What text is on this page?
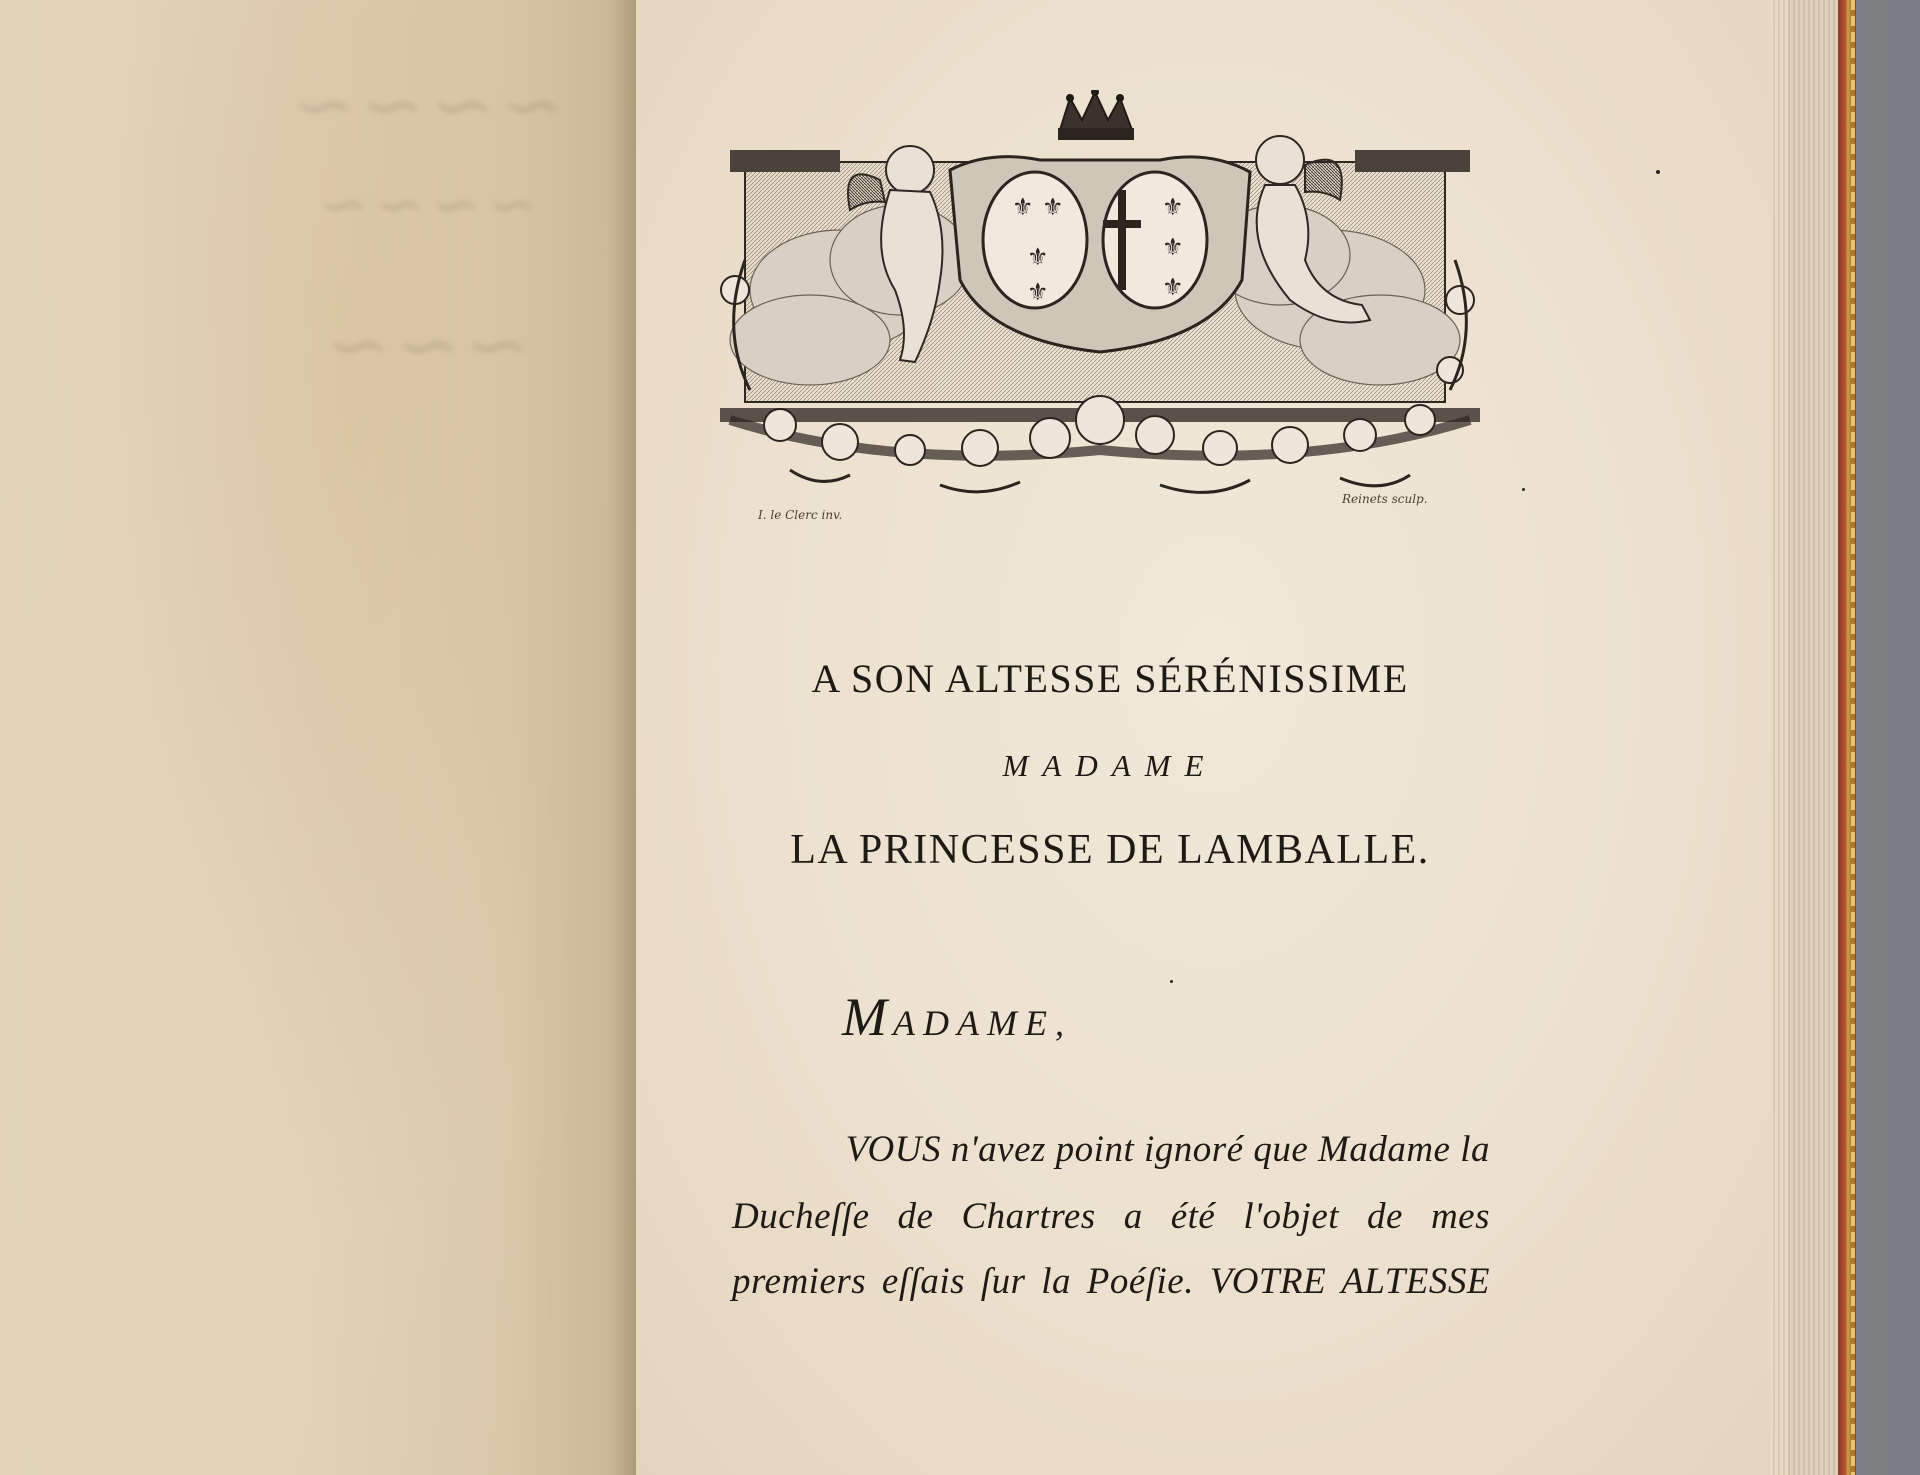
~~~~
~~~~
~~~
⚜ ⚜
⚜
⚜
⚜
⚜
⚜
I. le Clerc inv.
Reinets sculp.
A SON ALTESSE SÉRÉNISSIME
MADAME
LA PRINCESSE DE LAMBALLE.
MADAME,
VOUS n'avez point ignoré que Madame la
Ducheſſe de Chartres a été l'objet de mes
premiers eſſais ſur la Poéſie. VOTRE ALTESSE
